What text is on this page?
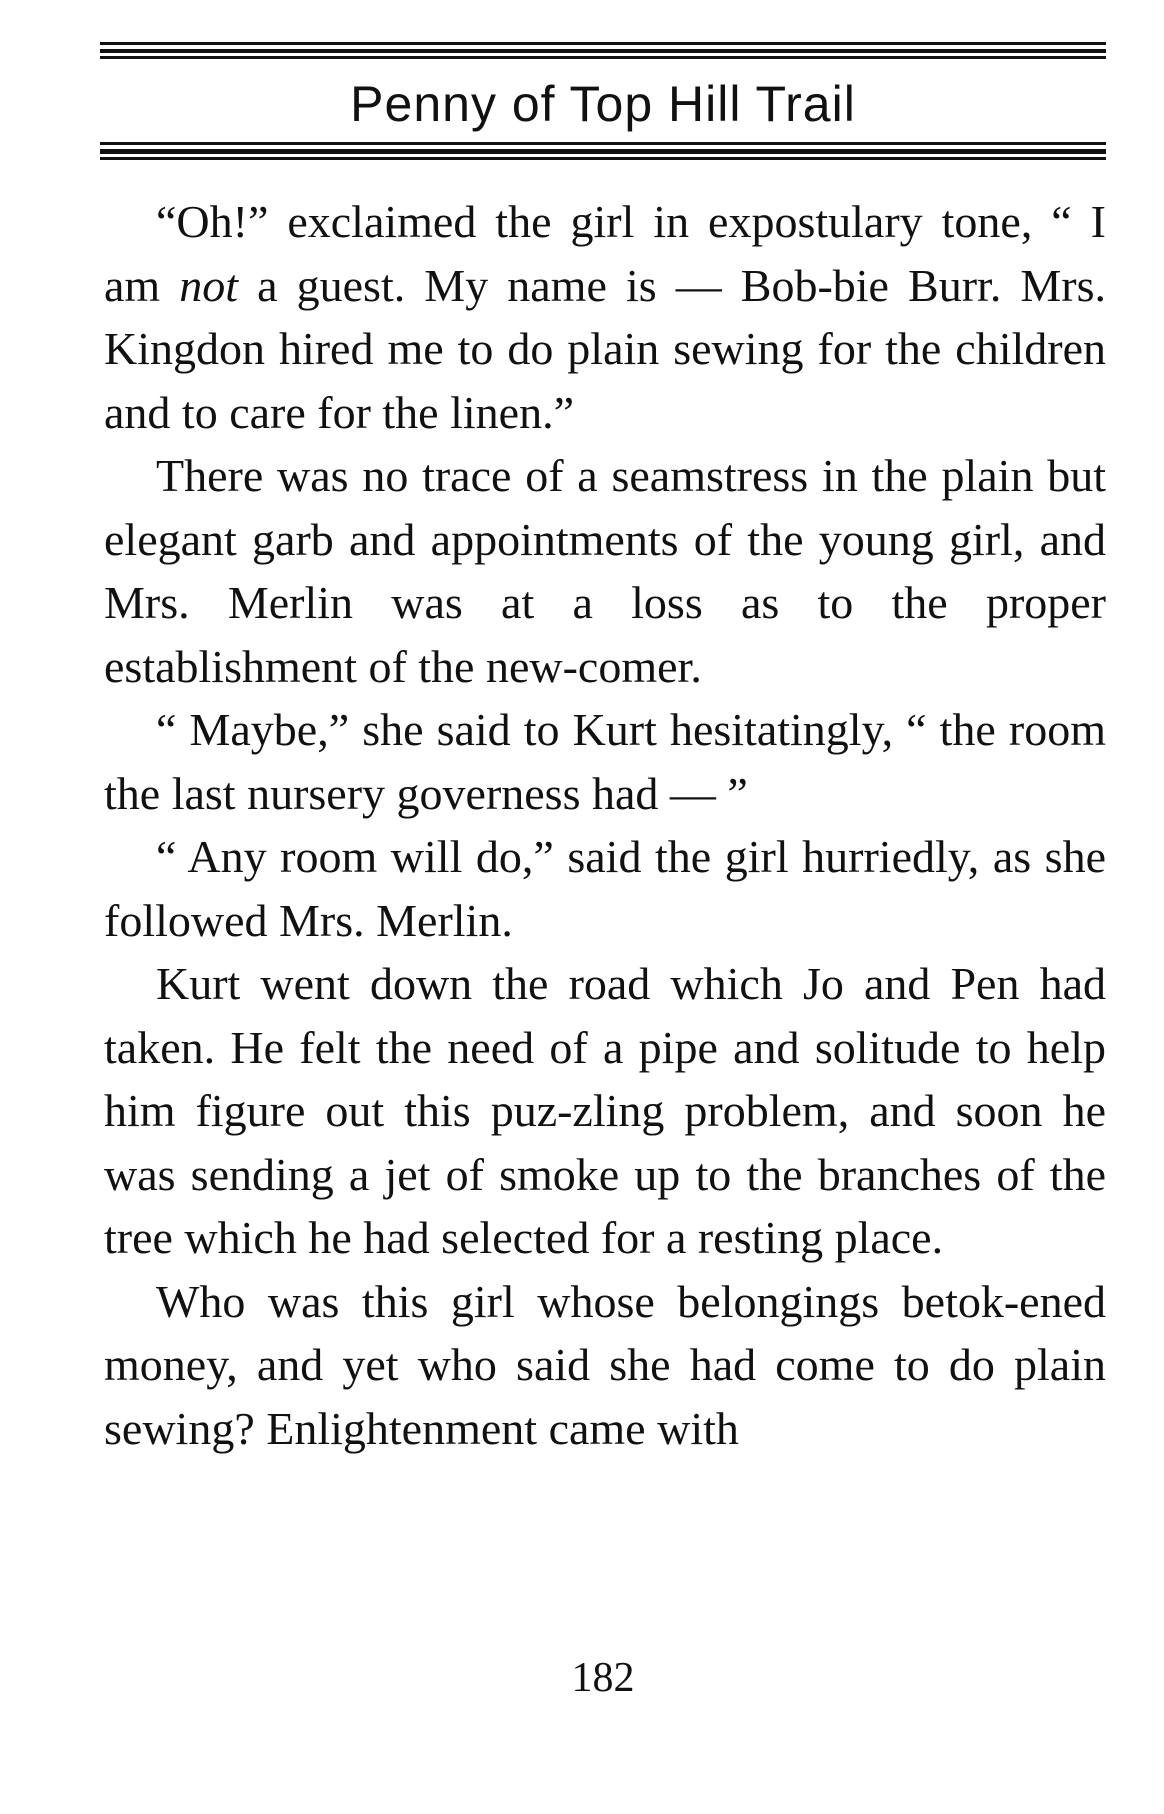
Penny of Top Hill Trail

“Oh!” exclaimed the girl in expostulary tone, “ I am not a guest. My name is — Bob-bie Burr. Mrs. Kingdon hired me to do plain sewing for the children and to care for the linen.”

There was no trace of a seamstress in the plain but elegant garb and appointments of the young girl, and Mrs. Merlin was at a loss as to the proper establishment of the new-comer.

“ Maybe,” she said to Kurt hesitatingly, “ the room the last nursery governess had — ”

“ Any room will do,” said the girl hurriedly, as she followed Mrs. Merlin.

Kurt went down the road which Jo and Pen had taken. He felt the need of a pipe and solitude to help him figure out this puz-zling problem, and soon he was sending a jet of smoke up to the branches of the tree which he had selected for a resting place.

Who was this girl whose belongings betok-ened money, and yet who said she had come to do plain sewing? Enlightenment came with

182
